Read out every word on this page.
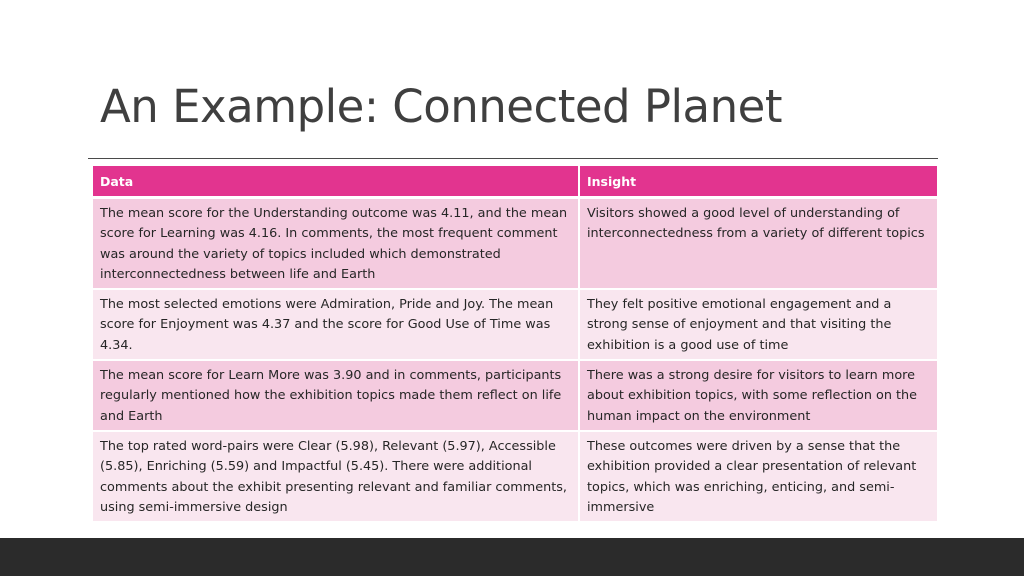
An Example: Connected Planet
Data	Insight
The mean score for the Understanding outcome was 4.11, and the mean score for Learning was 4.16. In comments, the most frequent comment was around the variety of topics included which demonstrated interconnectedness between life and Earth	Visitors showed a good level of understanding of interconnectedness from a variety of different topics
The most selected emotions were Admiration, Pride and Joy. The mean score for Enjoyment was 4.37 and the score for Good Use of Time was 4.34.	They felt positive emotional engagement and a strong sense of enjoyment and that visiting the exhibition is a good use of time
The mean score for Learn More was 3.90 and in comments, participants regularly mentioned how the exhibition topics made them reflect on life and Earth	There was a strong desire for visitors to learn more about exhibition topics, with some reflection on the human impact on the environment
The top rated word-pairs were Clear (5.98), Relevant (5.97), Accessible (5.85), Enriching (5.59) and Impactful (5.45). There were additional comments about the exhibit presenting relevant and familiar comments, using semi-immersive design	These outcomes were driven by a sense that the exhibition provided a clear presentation of relevant topics, which was enriching, enticing, and semi-immersive
